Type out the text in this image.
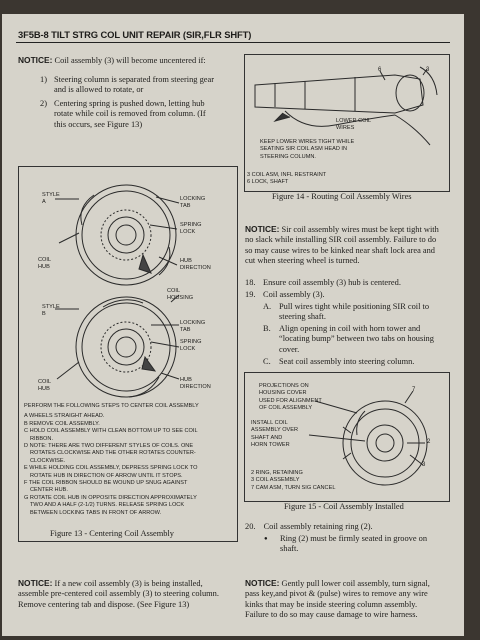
3F5B-8 TILT STRG COL UNIT REPAIR (SIR,FLR SHFT)
NOTICE: Coil assembly (3) will become uncentered if:
1) Steering column is separated from steering gear
and is allowed to rotate, or
2) Centering spring is pushed down, letting hub
rotate while coil is removed from column. (If
this occurs, see Figure 13)
STYLE
A
COIL
HUB
LOCKING
TAB
SPRING
LOCK
HUB
DIRECTION
COIL
HOUSING
STYLE
B
LOCKING
TAB
SPRING
LOCK
COIL
HUB
HUB
DIRECTION
PERFORM THE FOLLOWING STEPS TO CENTER COIL ASSEMBLY
A WHEELS STRAIGHT AHEAD.
B REMOVE COIL ASSEMBLY.
C HOLD COIL ASSEMBLY WITH CLEAN BOTTOM UP TO SEE COIL
RIBBON.
D NOTE: THERE ARE TWO DIFFERENT STYLES OF COILS. ONE
ROTATES CLOCKWISE AND THE OTHER ROTATES COUNTER-
CLOCKWISE.
E WHILE HOLDING COIL ASSEMBLY, DEPRESS SPRING LOCK TO
ROTATE HUB IN DIRECTION OF ARROW UNTIL IT STOPS.
F THE COIL RIBBON SHOULD BE WOUND UP SNUG AGAINST
CENTER HUB.
G ROTATE COIL HUB IN OPPOSITE DIRECTION APPROXIMATELY
TWO AND A HALF (2-1/2) TURNS. RELEASE SPRING LOCK
BETWEEN LOCKING TABS IN FRONT OF ARROW.
Figure 13 - Centering Coil Assembly
NOTICE: If a new coil assembly (3) is being installed,
assemble pre-centered coil assembly (3) to steering column.
Remove centering tab and dispose. (See Figure 13)
6	3
LOWER COIL
WIRES
KEEP LOWER WIRES TIGHT WHILE
SEATING SIR COIL ASM HEAD IN
STEERING COLUMN.
3 COIL ASM, INFL RESTRAINT
6 LOCK, SHAFT
Figure 14 - Routing Coil Assembly Wires
NOTICE: Sir coil assembly wires must be kept tight with
no slack while installing SIR coil assembly. Failure to do
so may cause wires to be kinked near shaft lock area and
cut when steering wheel is turned.
18. Ensure coil assembly (3) hub is centered.
19. Coil assembly (3).
A. Pull wires tight while positioning SIR coil to
steering shaft.
B. Align opening in coil with horn tower and
“locating bump” between two tabs on housing
cover.
C. Seat coil assembly into steering column.
PROJECTIONS ON
HOUSING COVER
USED FOR ALIGNMENT
OF COIL ASSEMBLY
INSTALL COIL
ASSEMBLY OVER
SHAFT AND
HORN TOWER
7
2
3
2 RING, RETAINING
3 COIL ASSEMBLY
7 CAM ASM, TURN SIG CANCEL
Figure 15 - Coil Assembly Installed
20. Coil assembly retaining ring (2).
● Ring (2) must be firmly seated in groove on
shaft.
NOTICE: Gently pull lower coil assembly, turn signal,
pass key,and pivot & (pulse) wires to remove any wire
kinks that may be inside steering column assembly.
Failure to do so may cause damage to wire harness.
